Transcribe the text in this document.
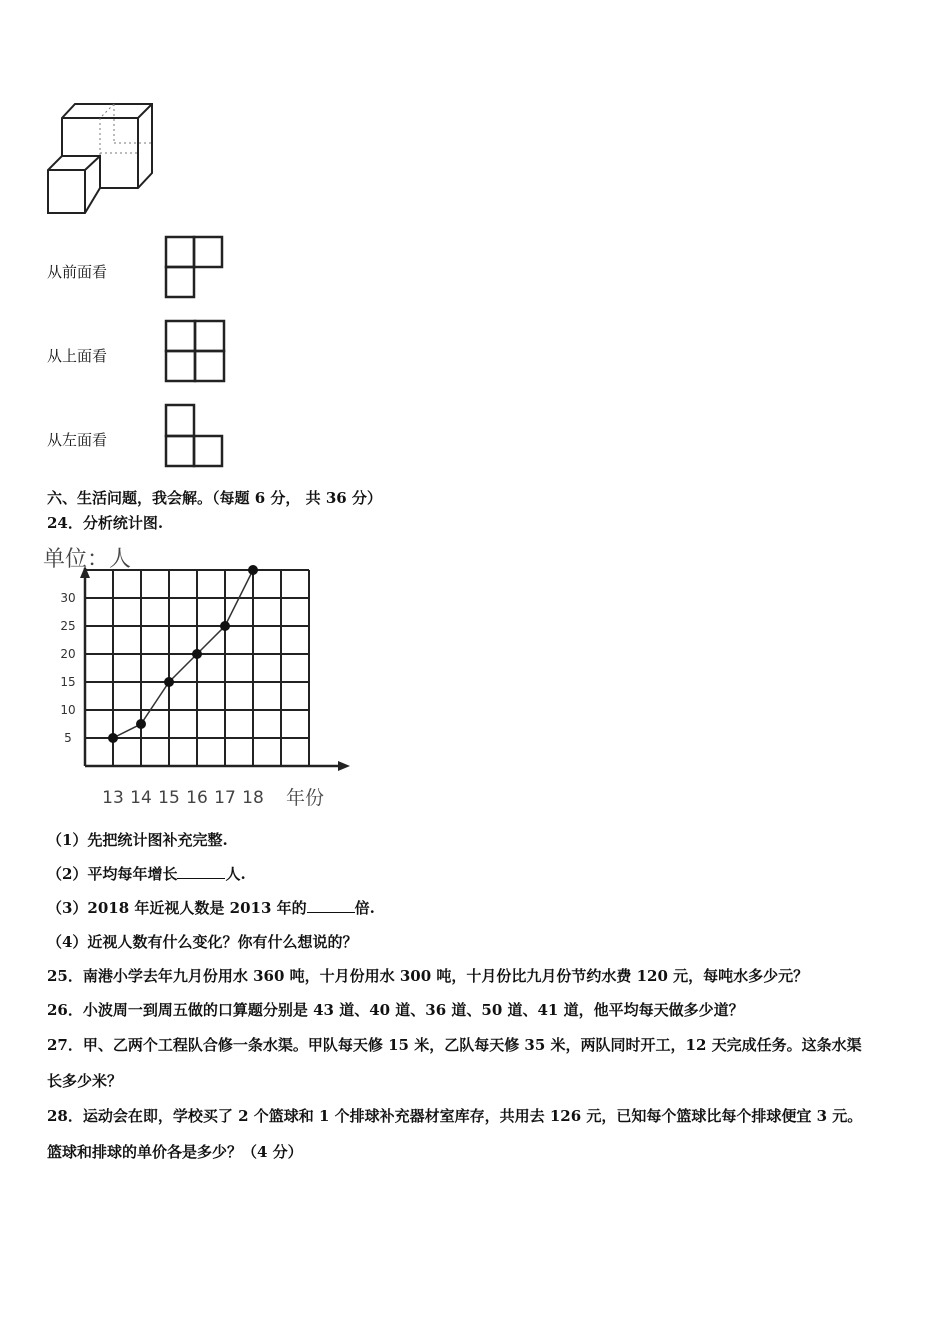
从前面看
从上面看
从左面看
六、生活问题，我会解。（每题 6 分， 共 36 分）
24．分析统计图.
5
10
15
20
25
30
13 14 15 16 17 18
单位：人
年份
（1）先把统计图补充完整.
（2）平均每年增长	人.
（3）2018 年近视人数是 2013 年的	倍.
（4）近视人数有什么变化？你有什么想说的？
25．南港小学去年九月份用水 360 吨，十月份用水 300 吨，十月份比九月份节约水费 120 元，每吨水多少元？
26．小波周一到周五做的口算题分别是 43 道、40 道、36 道、50 道、41 道，他平均每天做多少道？
27．甲、乙两个工程队合修一条水渠。甲队每天修 15 米，乙队每天修 35 米，两队同时开工，12 天完成任务。这条水渠
长多少米？
28．运动会在即，学校买了 2 个篮球和 1 个排球补充器材室库存，共用去 126 元，已知每个篮球比每个排球便宜 3 元。
篮球和排球的单价各是多少？（4 分）
